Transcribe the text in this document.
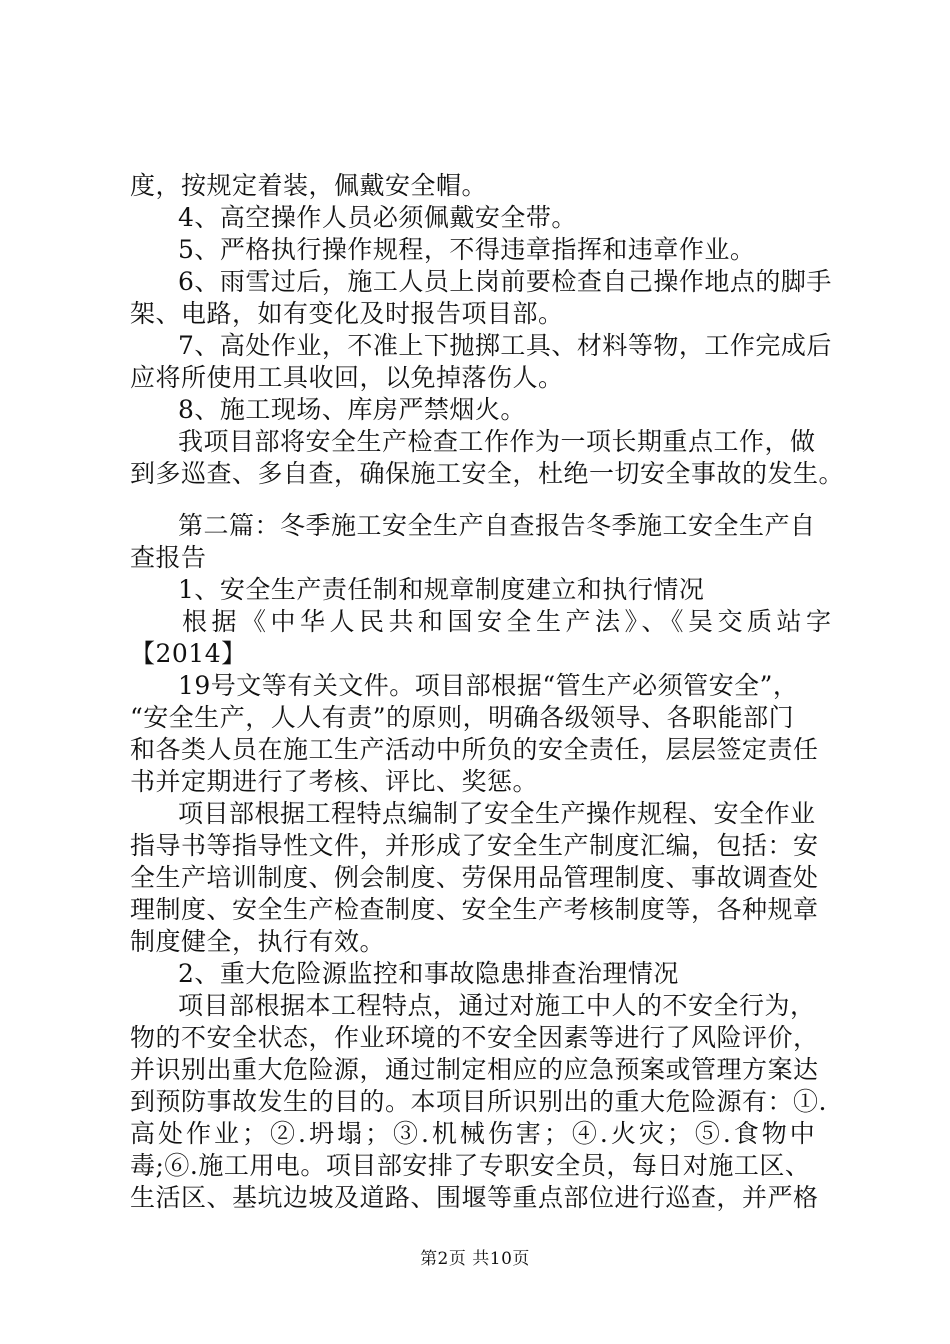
度，按规定着装，佩戴安全帽。
4、高空操作人员必须佩戴安全带。
5、严格执行操作规程，不得违章指挥和违章作业。
6、雨雪过后，施工人员上岗前要检查自己操作地点的脚手
架、电路，如有变化及时报告项目部。
7、高处作业，不准上下抛掷工具、材料等物，工作完成后
应将所使用工具收回，以免掉落伤人。
8、施工现场、库房严禁烟火。
我项目部将安全生产检查工作作为一项长期重点工作，做
到多巡查、多自查，确保施工安全，杜绝一切安全事故的发生。
第二篇：冬季施工安全生产自查报告冬季施工安全生产自
查报告
1、安全生产责任制和规章制度建立和执行情况
根据《中华人民共和国安全生产法》、《吴交质站字
【2014】
19号文等有关文件。项目部根据“管生产必须管安全”，
“安全生产，人人有责”的原则，明确各级领导、各职能部门
和各类人员在施工生产活动中所负的安全责任，层层签定责任
书并定期进行了考核、评比、奖惩。
项目部根据工程特点编制了安全生产操作规程、安全作业
指导书等指导性文件，并形成了安全生产制度汇编，包括：安
全生产培训制度、例会制度、劳保用品管理制度、事故调查处
理制度、安全生产检查制度、安全生产考核制度等，各种规章
制度健全，执行有效。
2、重大危险源监控和事故隐患排查治理情况
项目部根据本工程特点，通过对施工中人的不安全行为，
物的不安全状态，作业环境的不安全因素等进行了风险评价，
并识别出重大危险源，通过制定相应的应急预案或管理方案达
到预防事故发生的目的。本项目所识别出的重大危险源有：①.
高处作业；②.坍塌；③.机械伤害；④.火灾；⑤.食物中
毒;⑥.施工用电。项目部安排了专职安全员，每日对施工区、
生活区、基坑边坡及道路、围堰等重点部位进行巡查，并严格
第2页 共10页
